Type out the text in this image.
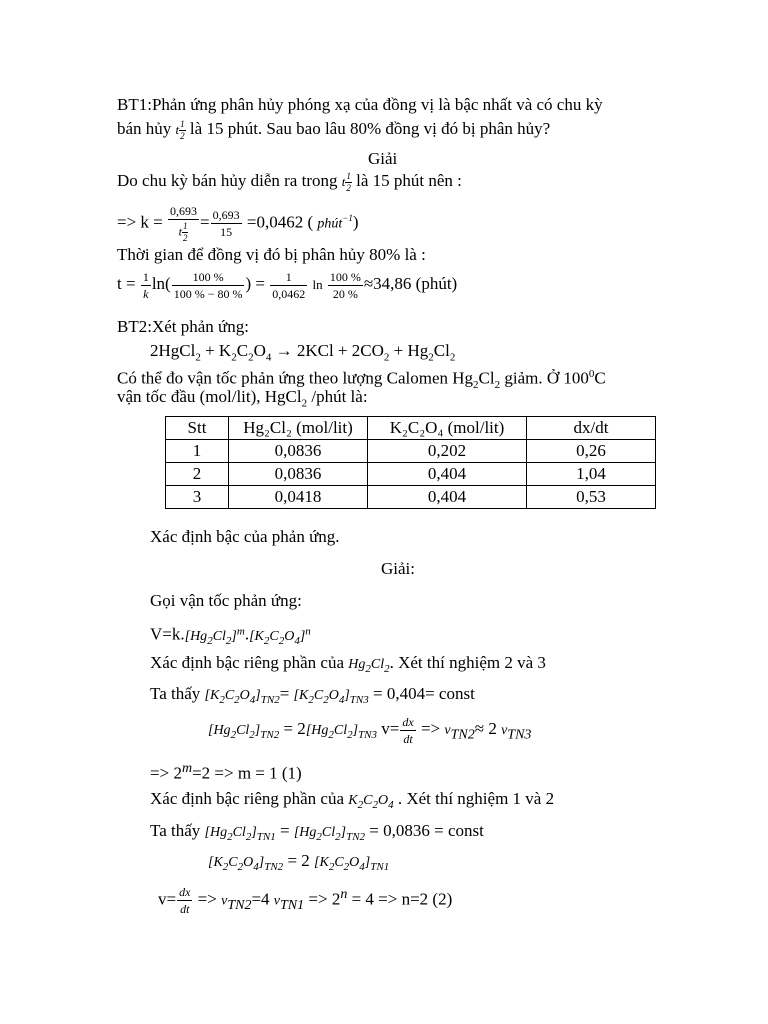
BT1:Phản ứng phân hủy phóng xạ của đồng vị là bậc nhất và có chu kỳ
bán hủy t $\frac{1}{2}$ là 15 phút. Sau bao lâu 80% đồng vị đó bị phân hủy?
Giải
Do chu kỳ bán hủy diễn ra trong t $\frac{1}{2}$ là 15 phút nên :
=> $k = \frac{0,693}{t \frac{1}{2}} = \frac{0,693}{15} =0,0462$ ( phút$^{-1}$)
Thời gian để đồng vị đó bị phân hủy 80% là :
$t = \frac{1}{k} \ln( \frac{100 \%}{100 \% - 80 \%}$ ) = $\frac{1}{0,0462}$ $\ln \frac{100 \%}{20 \%} \approx 34,86$ (phút)
BT2:Xét phản ứng:
2HgCl$_2$ + $K_2C_2O_4 \to 2KCl + 2CO_2 + Hg_2Cl_2$
Có thể đo vận tốc phản ứng theo lượng Calomen $Hg_2Cl_2$ giảm. Ở $100^0C$
vận tốc đầu (mol/lit), HgCl$_2$ /phút là:
Stt	Hg₂Cl₂ (mol/lit)	K₂C₂O₄ (mol/lit)	dx/dt
1	0,0836	0,202	0,26
2	0,0836	0,404	1,04
3	0,0418	0,404	0,53
Xác định bậc của phản ứng.
Giải:
Gọi vận tốc phản ứng:
$V=k.[Hg_2Cl_2]^m.[K_2C_2O_4]^n$
Xác định bậc riêng phần của $Hg_2Cl_2$. Xét thí nghiệm 2 và 3
Ta thấy $[K_2C_2O_4]_{TN2}= [K_2C_2O_4]_{TN3} = 0,404=$ const
$[Hg_2Cl_2]_{TN2} = 2[Hg_2Cl_2]_{TN3}$ $v= \frac{dx}{dt} => v_{TN2}\approx 2$ $v_{TN3}$
=> $2^m=2 => m = 1$ (1)
Xác định bậc riêng phần của $K_2C_2O_4$ . Xét thí nghiệm 1 và 2
Ta thấy $[Hg_2Cl_2]_{TN1} = [Hg_2Cl_2]_{TN2} = 0,0836$ = const
$[K_2C_2O_4]_{TN2} = 2$ $[K_2C_2O_4]_{TN1}$
$v= \frac{dx}{dt} => v_{TN2}=4$ $v_{TN1} => 2^n = 4 => n=2$ (2)
